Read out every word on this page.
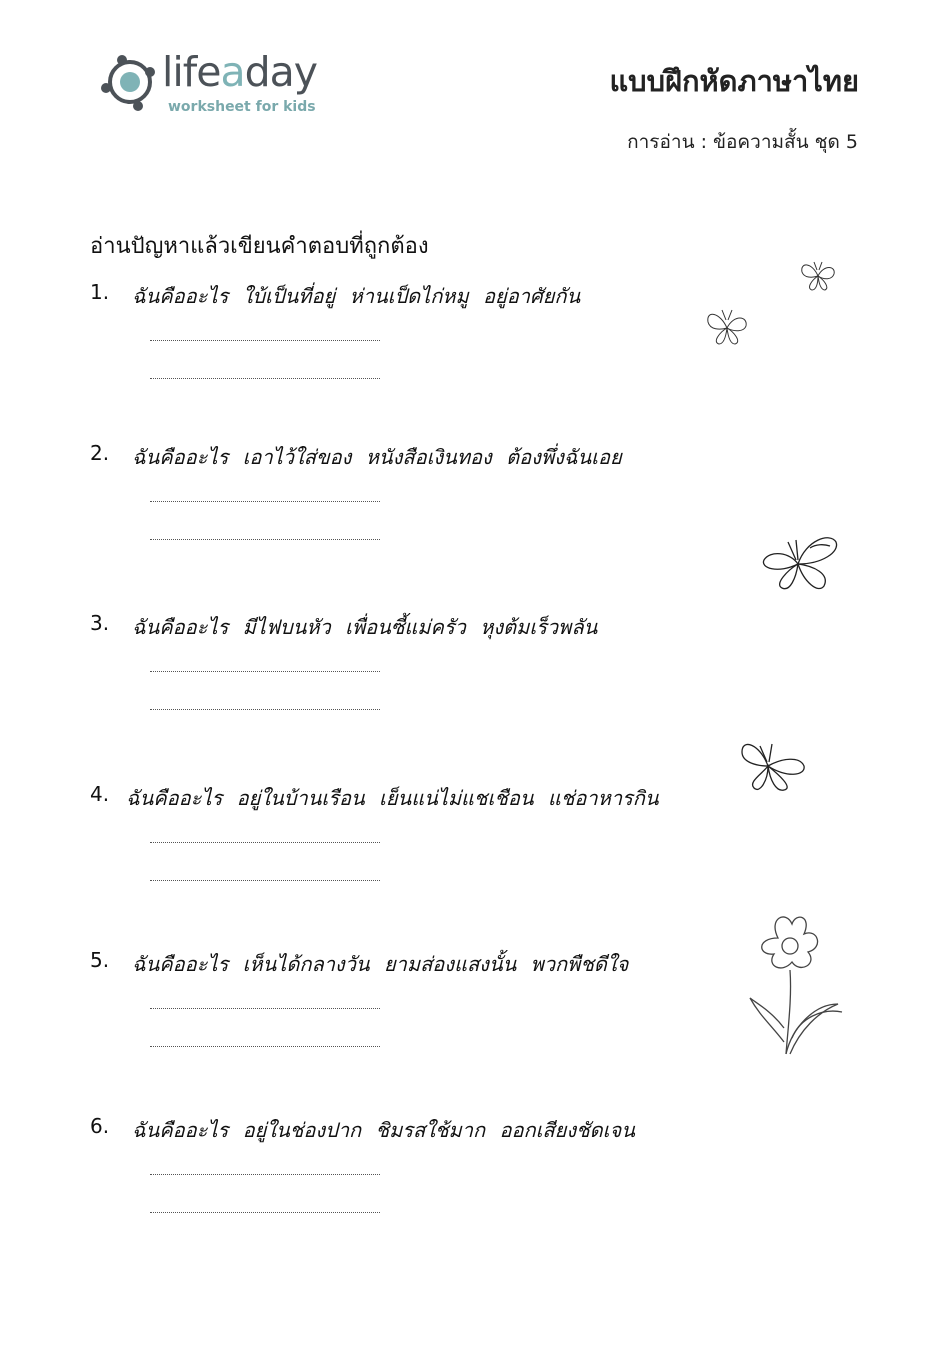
lifeaday
worksheet for kids
แบบฝึกหัดภาษาไทย
การอ่าน : ข้อความสั้น ชุด 5
อ่านปัญหาแล้วเขียนคำตอบที่ถูกต้อง
1. ฉันคืออะไร ใบ้เป็นที่อยู่ ห่านเป็ดไก่หมู อยู่อาศัยกัน
2. ฉันคืออะไร เอาไว้ใส่ของ หนังสือเงินทอง ต้องพึ่งฉันเอย
3. ฉันคืออะไร มีไฟบนหัว เพื่อนซี้แม่ครัว หุงต้มเร็วพลัน
4. ฉันคืออะไร อยู่ในบ้านเรือน เย็นแน่ไม่แชเชือน แช่อาหารกิน
5. ฉันคืออะไร เห็นได้กลางวัน ยามส่องแสงนั้น พวกพืชดีใจ
6. ฉันคืออะไร อยู่ในช่องปาก ชิมรสใช้มาก ออกเสียงชัดเจน
